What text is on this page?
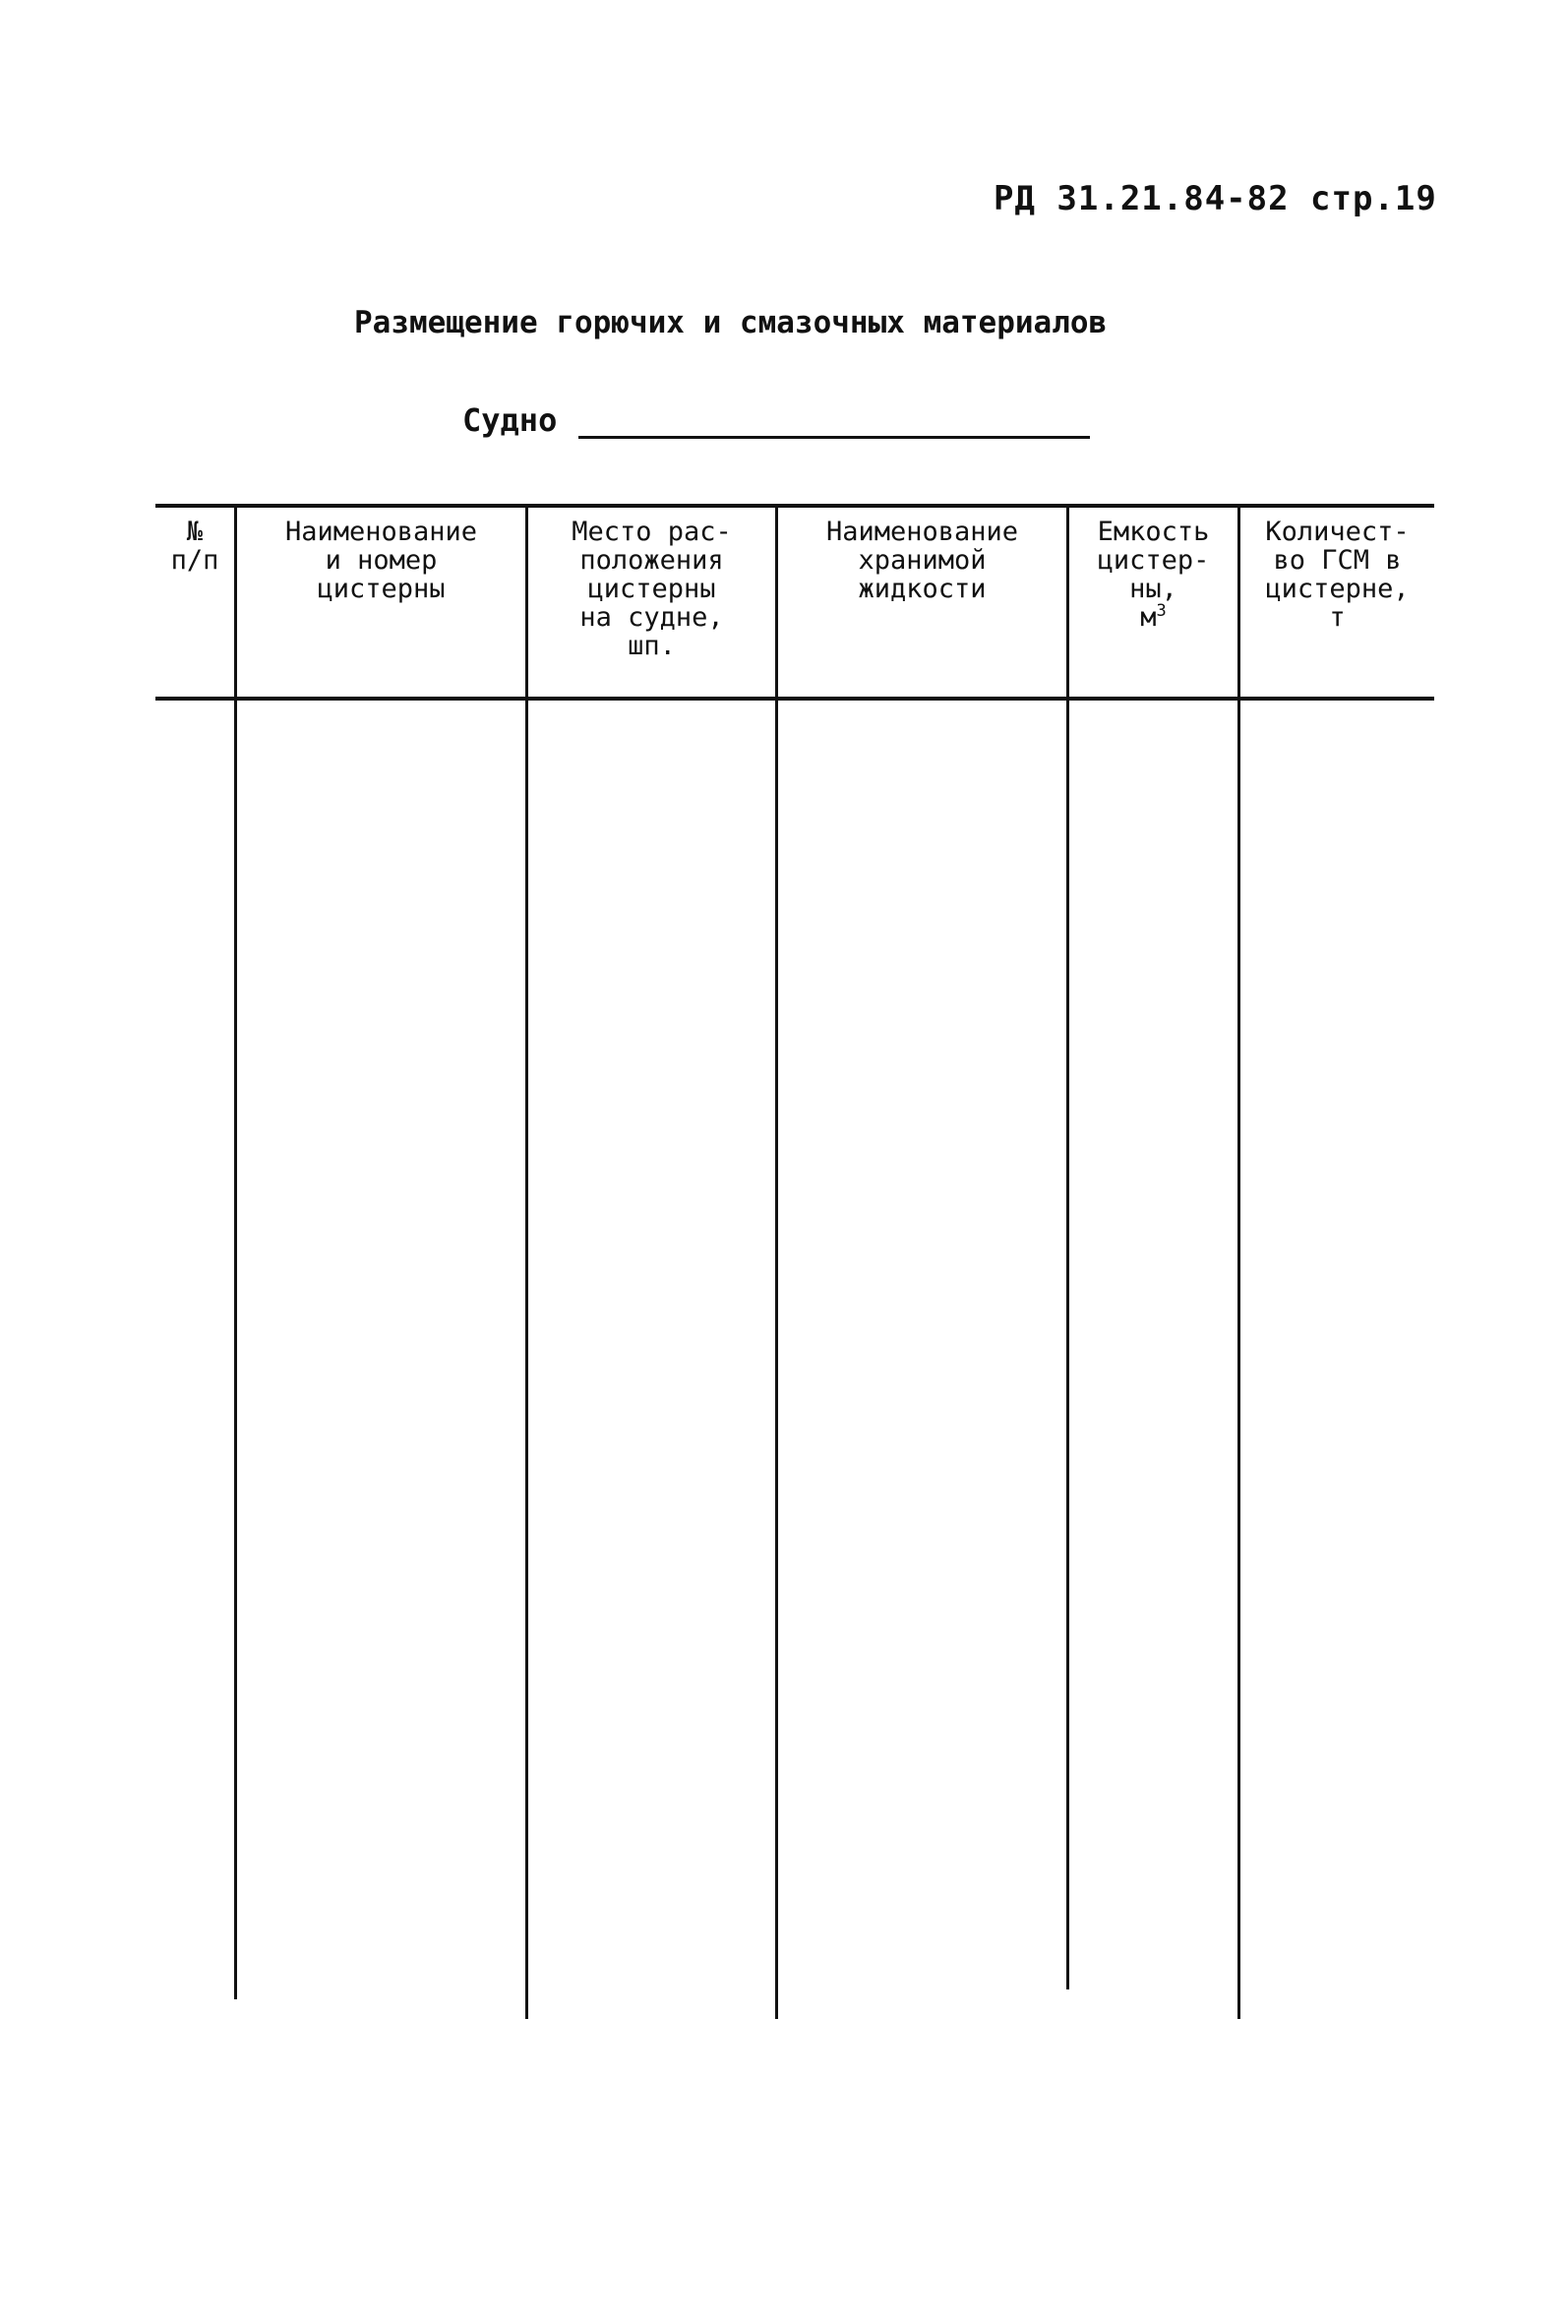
РД 31.21.84-82 стр.19
Размещение горючих и смазочных материалов
Судно
№
п/п
Наименование
и номер
цистерны
Место рас-
положения
цистерны
на судне,
шп.
Наименование
хранимой
жидкости
Емкость
цистер-
ны,
$м^3$
Количест-
во ГСМ в
цистерне,
т
